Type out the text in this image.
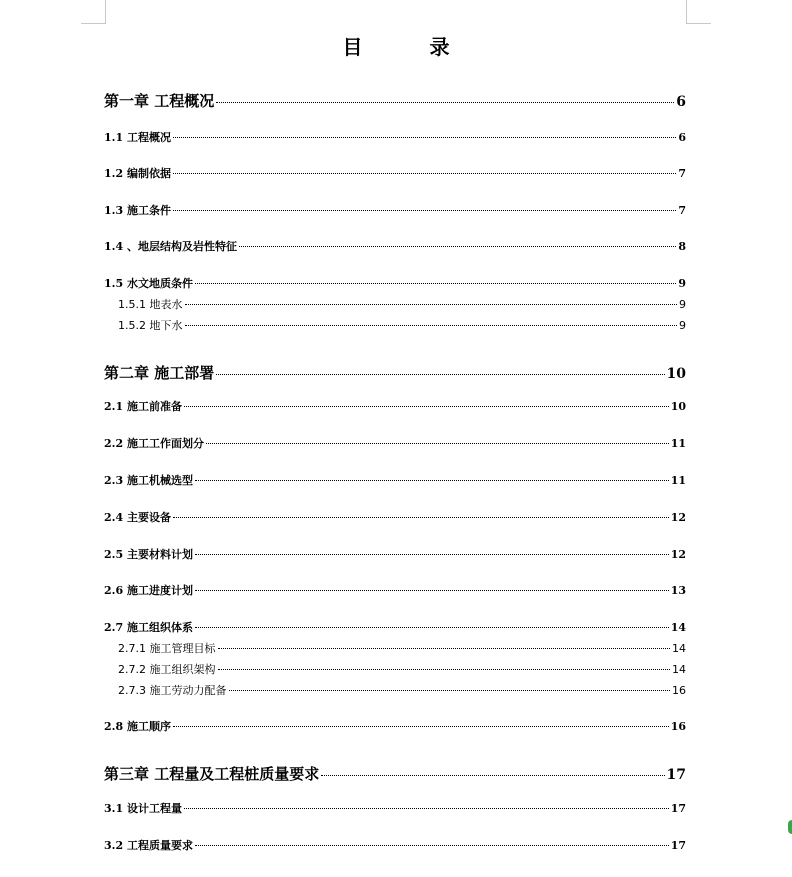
目 录
第一章 工程概况	6
1.1 工程概况	6
1.2 编制依据	7
1.3 施工条件	7
1.4 、地层结构及岩性特征	8
1.5 水文地质条件	9
1.5.1 地表水	9
1.5.2 地下水	9
第二章 施工部署	10
2.1 施工前准备	10
2.2 施工工作面划分	11
2.3 施工机械选型	11
2.4 主要设备	12
2.5 主要材料计划	12
2.6 施工进度计划	13
2.7 施工组织体系	14
2.7.1 施工管理目标	14
2.7.2 施工组织架构	14
2.7.3 施工劳动力配备	16
2.8 施工顺序	16
第三章 工程量及工程桩质量要求	17
3.1 设计工程量	17
3.2 工程质量要求	17
